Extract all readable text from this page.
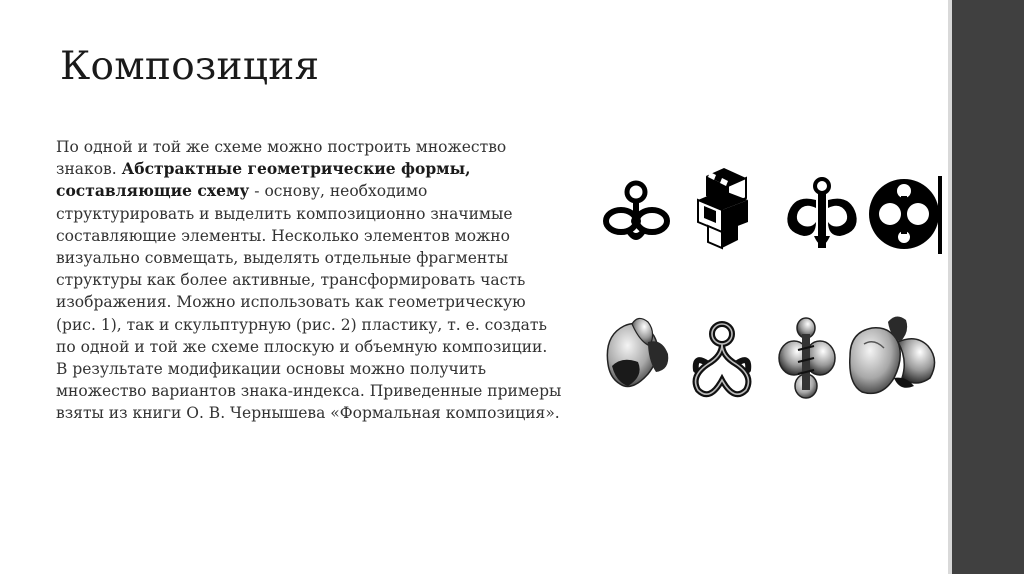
Композиция
По одной и той же схеме можно построить множество знаков. Абстрактные геометрические формы, составляющие схему - основу, необходимо структурировать и выделить композиционно значимые составляющие элементы. Несколько элементов можно визуально совмещать, выделять отдельные фрагменты структуры как более активные, трансформировать часть изображения. Можно использовать как геометрическую (рис. 1), так и скульптурную (рис. 2) пластику, т. е. создать по одной и той же схеме плоскую и объемную композиции. В результате модификации основы можно получить множество вариантов знака-индекса. Приведенные примеры взяты из книги О. В. Чернышева «Формальная композиция».
